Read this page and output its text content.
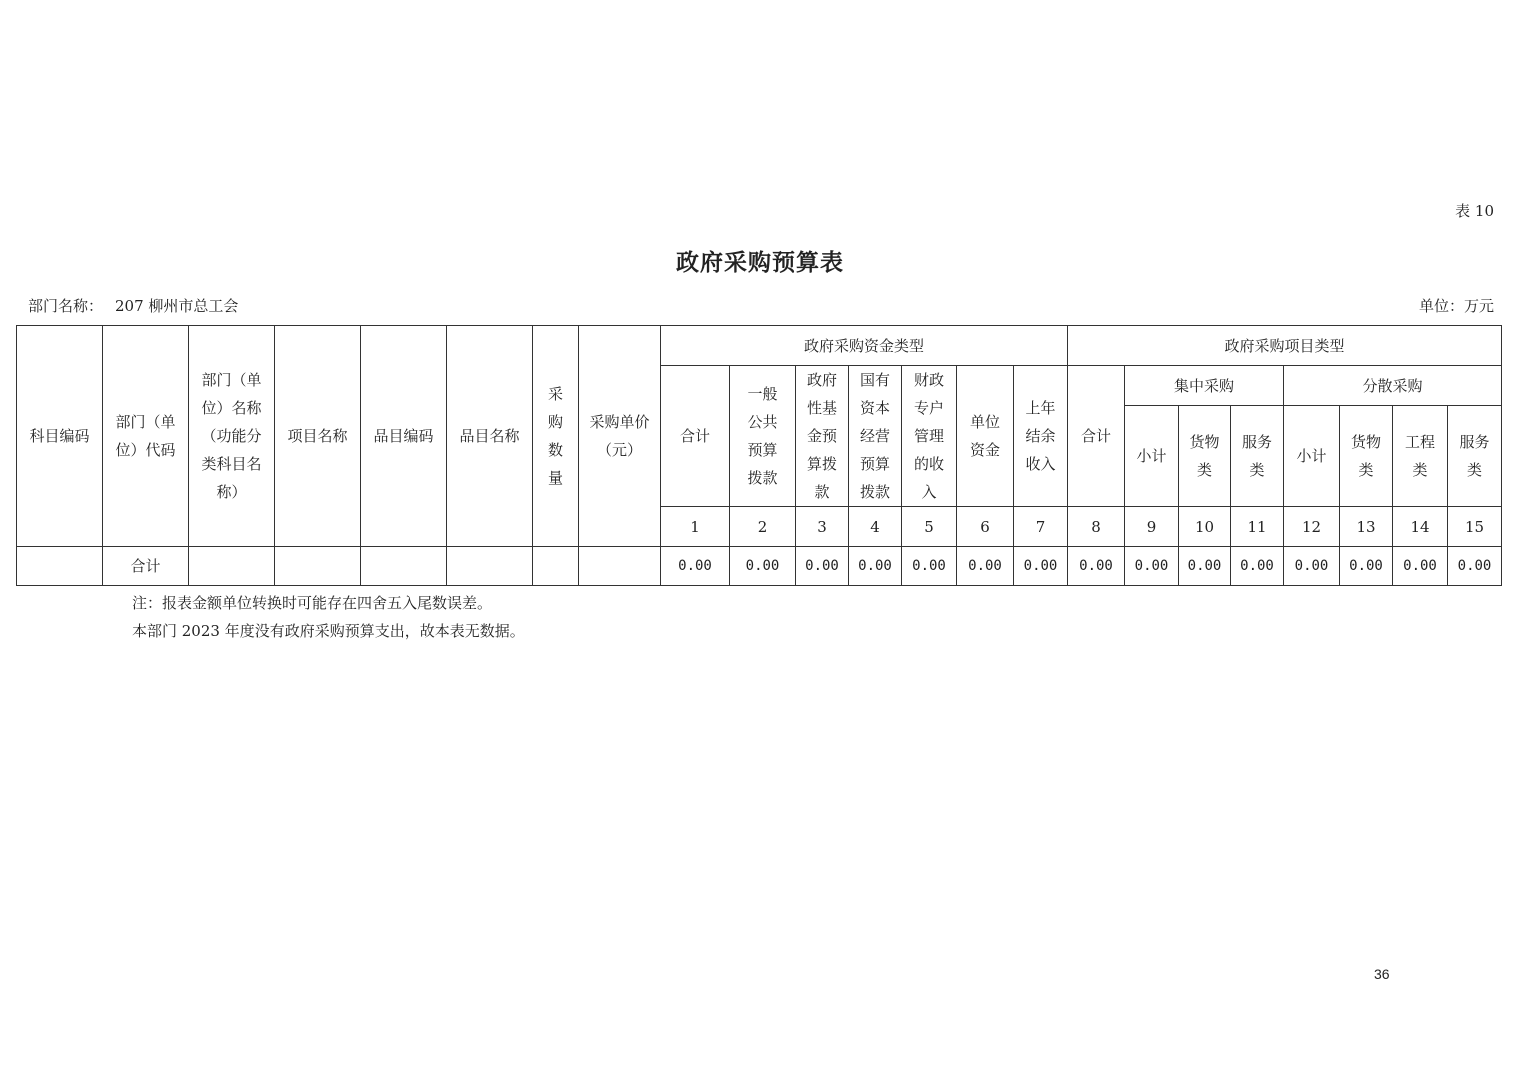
表 10
政府采购预算表
部门名称： 207 柳州市总工会	单位：万元
科目编码	部门（单位）代码	部门（单位）名称（功能分类科目名称）	项目名称	品目编码	品目名称	采购数量	采购单价（元）	政府采购资金类型							政府采购项目类型							
								合计	一般公共预算拨款	政府性基金预算拨款	国有资本经营预算拨款	财政专户管理的收入	单位资金	上年结余收入	合计	集中采购			分散采购			
																小计	货物类	服务类	小计	货物类	工程类	服务类
								1	2	3	4	5	6	7	8	9	10	11	12	13	14	15
	合计							0.00	0.00	0.00	0.00	0.00	0.00	0.00	0.00	0.00	0.00	0.00	0.00	0.00	0.00	0.00
注：报表金额单位转换时可能存在四舍五入尾数误差。
本部门 2023 年度没有政府采购预算支出，故本表无数据。
36
